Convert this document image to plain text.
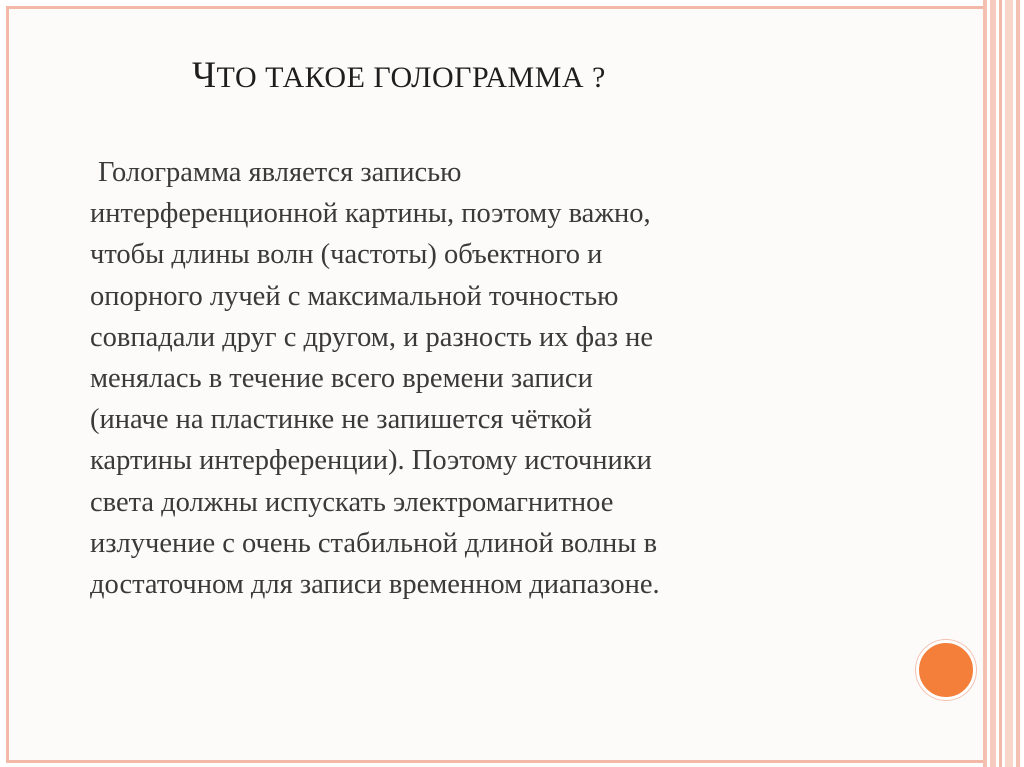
ЧТО ТАКОЕ ГОЛОГРАММА ?

Голограмма является записью
интерференционной картины, поэтому важно,
чтобы длины волн (частоты) объектного и
опорного лучей с максимальной точностью
совпадали друг с другом, и разность их фаз не
менялась в течение всего времени записи
(иначе на пластинке не запишется чёткой
картины интерференции). Поэтому источники
света должны испускать электромагнитное
излучение с очень стабильной длиной волны в
достаточном для записи временном диапазоне.
